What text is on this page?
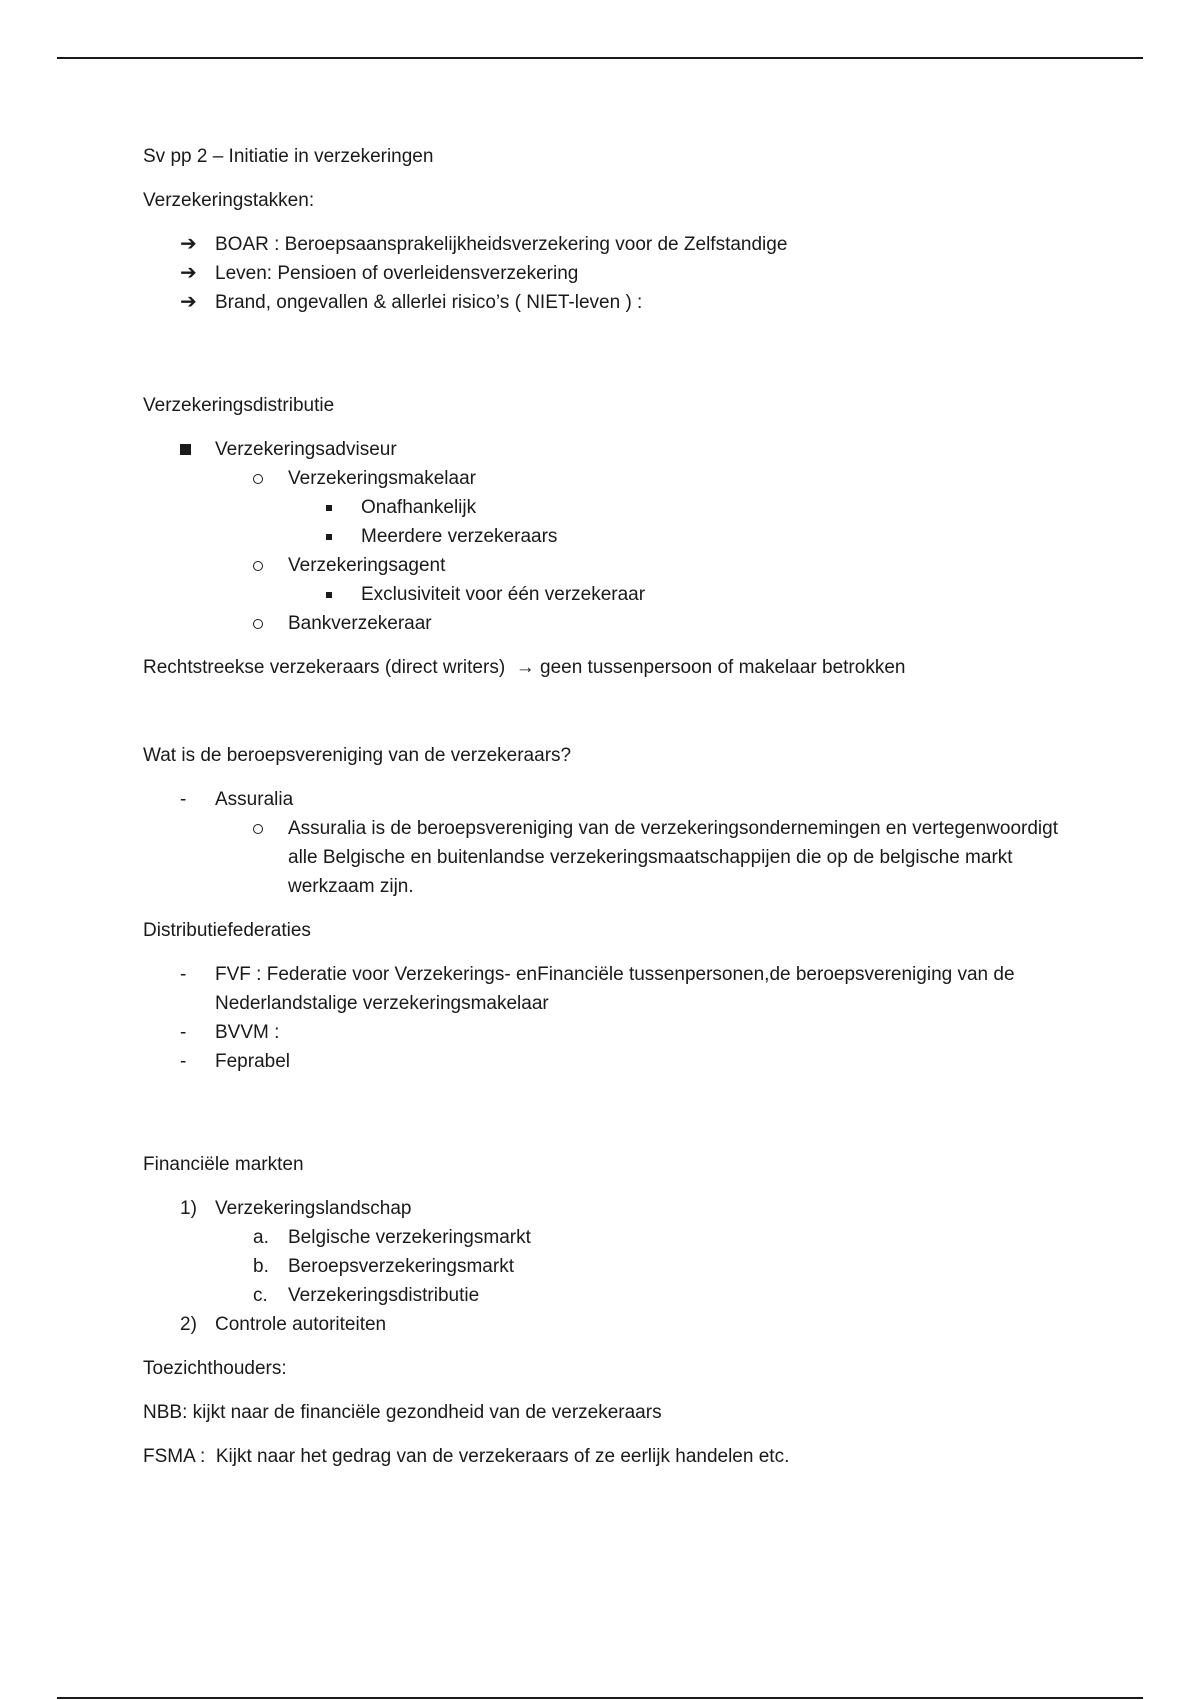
Sv pp 2 – Initiatie in verzekeringen

Verzekeringstakken:

➔ BOAR : Beroepsaansprakelijkheidsverzekering voor de Zelfstandige
➔ Leven: Pensioen of overleidensverzekering
➔ Brand, ongevallen & allerlei risico’s ( NIET-leven ) :

Verzekeringsdistributie

Verzekeringsadviseur
Verzekeringsmakelaar
Onafhankelijk
Meerdere verzekeraars
Verzekeringsagent
Exclusiviteit voor één verzekeraar
Bankverzekeraar

Rechtstreekse verzekeraars (direct writers) → geen tussenpersoon of makelaar betrokken

Wat is de beroepsvereniging van de verzekeraars?

- Assuralia
Assuralia is de beroepsvereniging van de verzekeringsondernemingen en vertegenwoordigt alle Belgische en buitenlandse verzekeringsmaatschappijen die op de belgische markt werkzaam zijn.

Distributiefederaties

- FVF : Federatie voor Verzekerings- enFinanciële tussenpersonen,de beroepsvereniging van de Nederlandstalige verzekeringsmakelaar
- BVVM :
- Feprabel

Financiële markten

1) Verzekeringslandschap
a. Belgische verzekeringsmarkt
b. Beroepsverzekeringsmarkt
c. Verzekeringsdistributie
2) Controle autoriteiten

Toezichthouders:

NBB: kijkt naar de financiële gezondheid van de verzekeraars

FSMA :  Kijkt naar het gedrag van de verzekeraars of ze eerlijk handelen etc.
